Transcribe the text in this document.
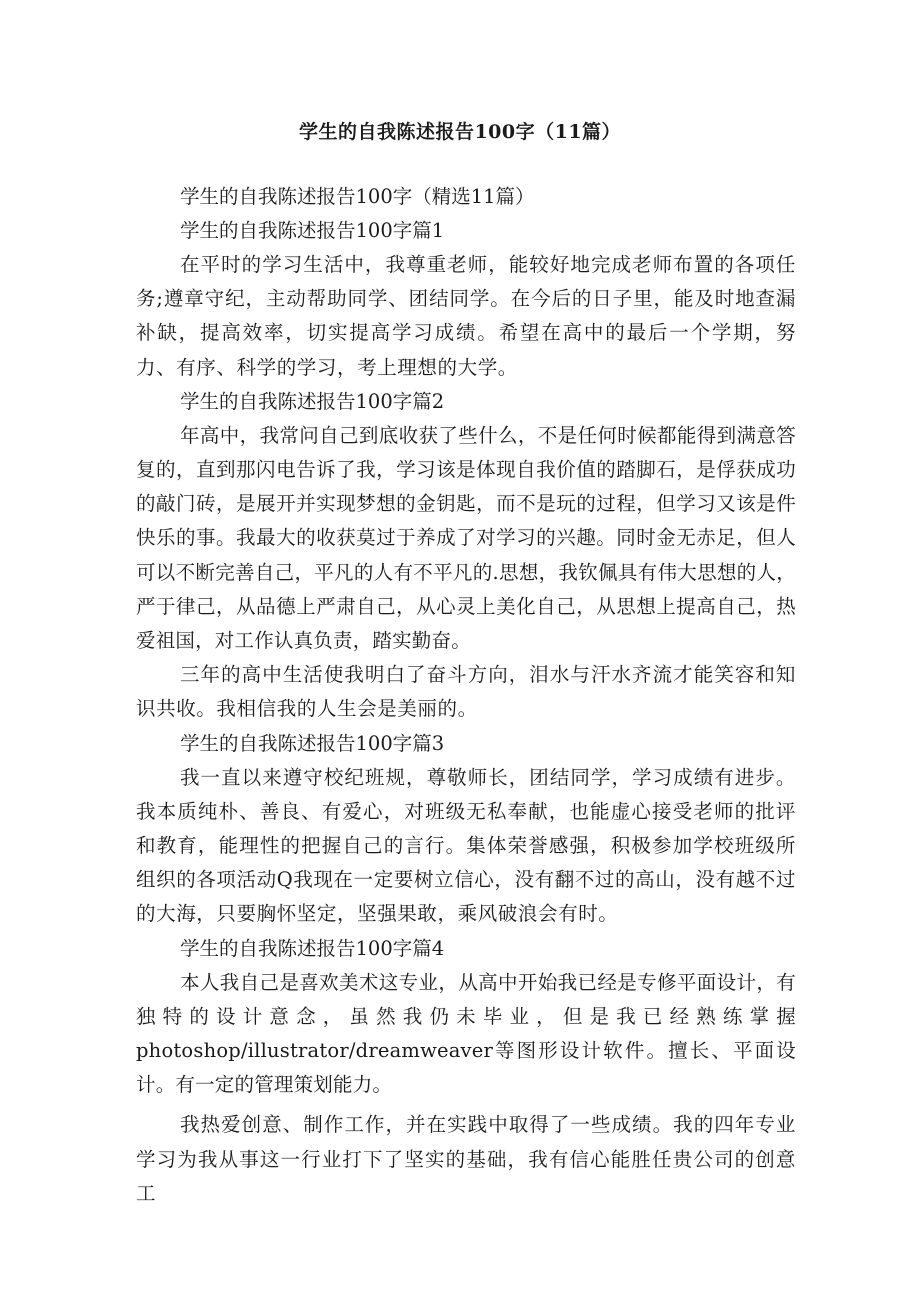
学生的自我陈述报告100字（11篇）

学生的自我陈述报告100字（精选11篇）

学生的自我陈述报告100字篇1

在平时的学习生活中，我尊重老师，能较好地完成老师布置的各项任务;遵章守纪，主动帮助同学、团结同学。在今后的日子里，能及时地查漏补缺，提高效率，切实提高学习成绩。希望在高中的最后一个学期，努力、有序、科学的学习，考上理想的大学。

学生的自我陈述报告100字篇2

年高中，我常问自己到底收获了些什么，不是任何时候都能得到满意答复的，直到那闪电告诉了我，学习该是体现自我价值的踏脚石，是俘获成功的敲门砖，是展开并实现梦想的金钥匙，而不是玩的过程，但学习又该是件快乐的事。我最大的收获莫过于养成了对学习的兴趣。同时金无赤足，但人可以不断完善自己，平凡的人有不平凡的.思想，我钦佩具有伟大思想的人，严于律己，从品德上严肃自己，从心灵上美化自己，从思想上提高自己，热爱祖国，对工作认真负责，踏实勤奋。

三年的高中生活使我明白了奋斗方向，泪水与汗水齐流才能笑容和知识共收。我相信我的人生会是美丽的。

学生的自我陈述报告100字篇3

我一直以来遵守校纪班规，尊敬师长，团结同学，学习成绩有进步。我本质纯朴、善良、有爱心，对班级无私奉献，也能虚心接受老师的批评和教育，能理性的把握自己的言行。集体荣誉感强，积极参加学校班级所组织的各项活动Q我现在一定要树立信心，没有翻不过的高山，没有越不过的大海，只要胸怀坚定，坚强果敢，乘风破浪会有时。

学生的自我陈述报告100字篇4

本人我自己是喜欢美术这专业，从高中开始我已经是专修平面设计，有独特的设计意念，虽然我仍未毕业，但是我已经熟练掌握photoshop/illustrator/dreamweaver等图形设计软件。擅长、平面设计。有一定的管理策划能力。

我热爱创意、制作工作，并在实践中取得了一些成绩。我的四年专业学习为我从事这一行业打下了坚实的基础，我有信心能胜任贵公司的创意工
